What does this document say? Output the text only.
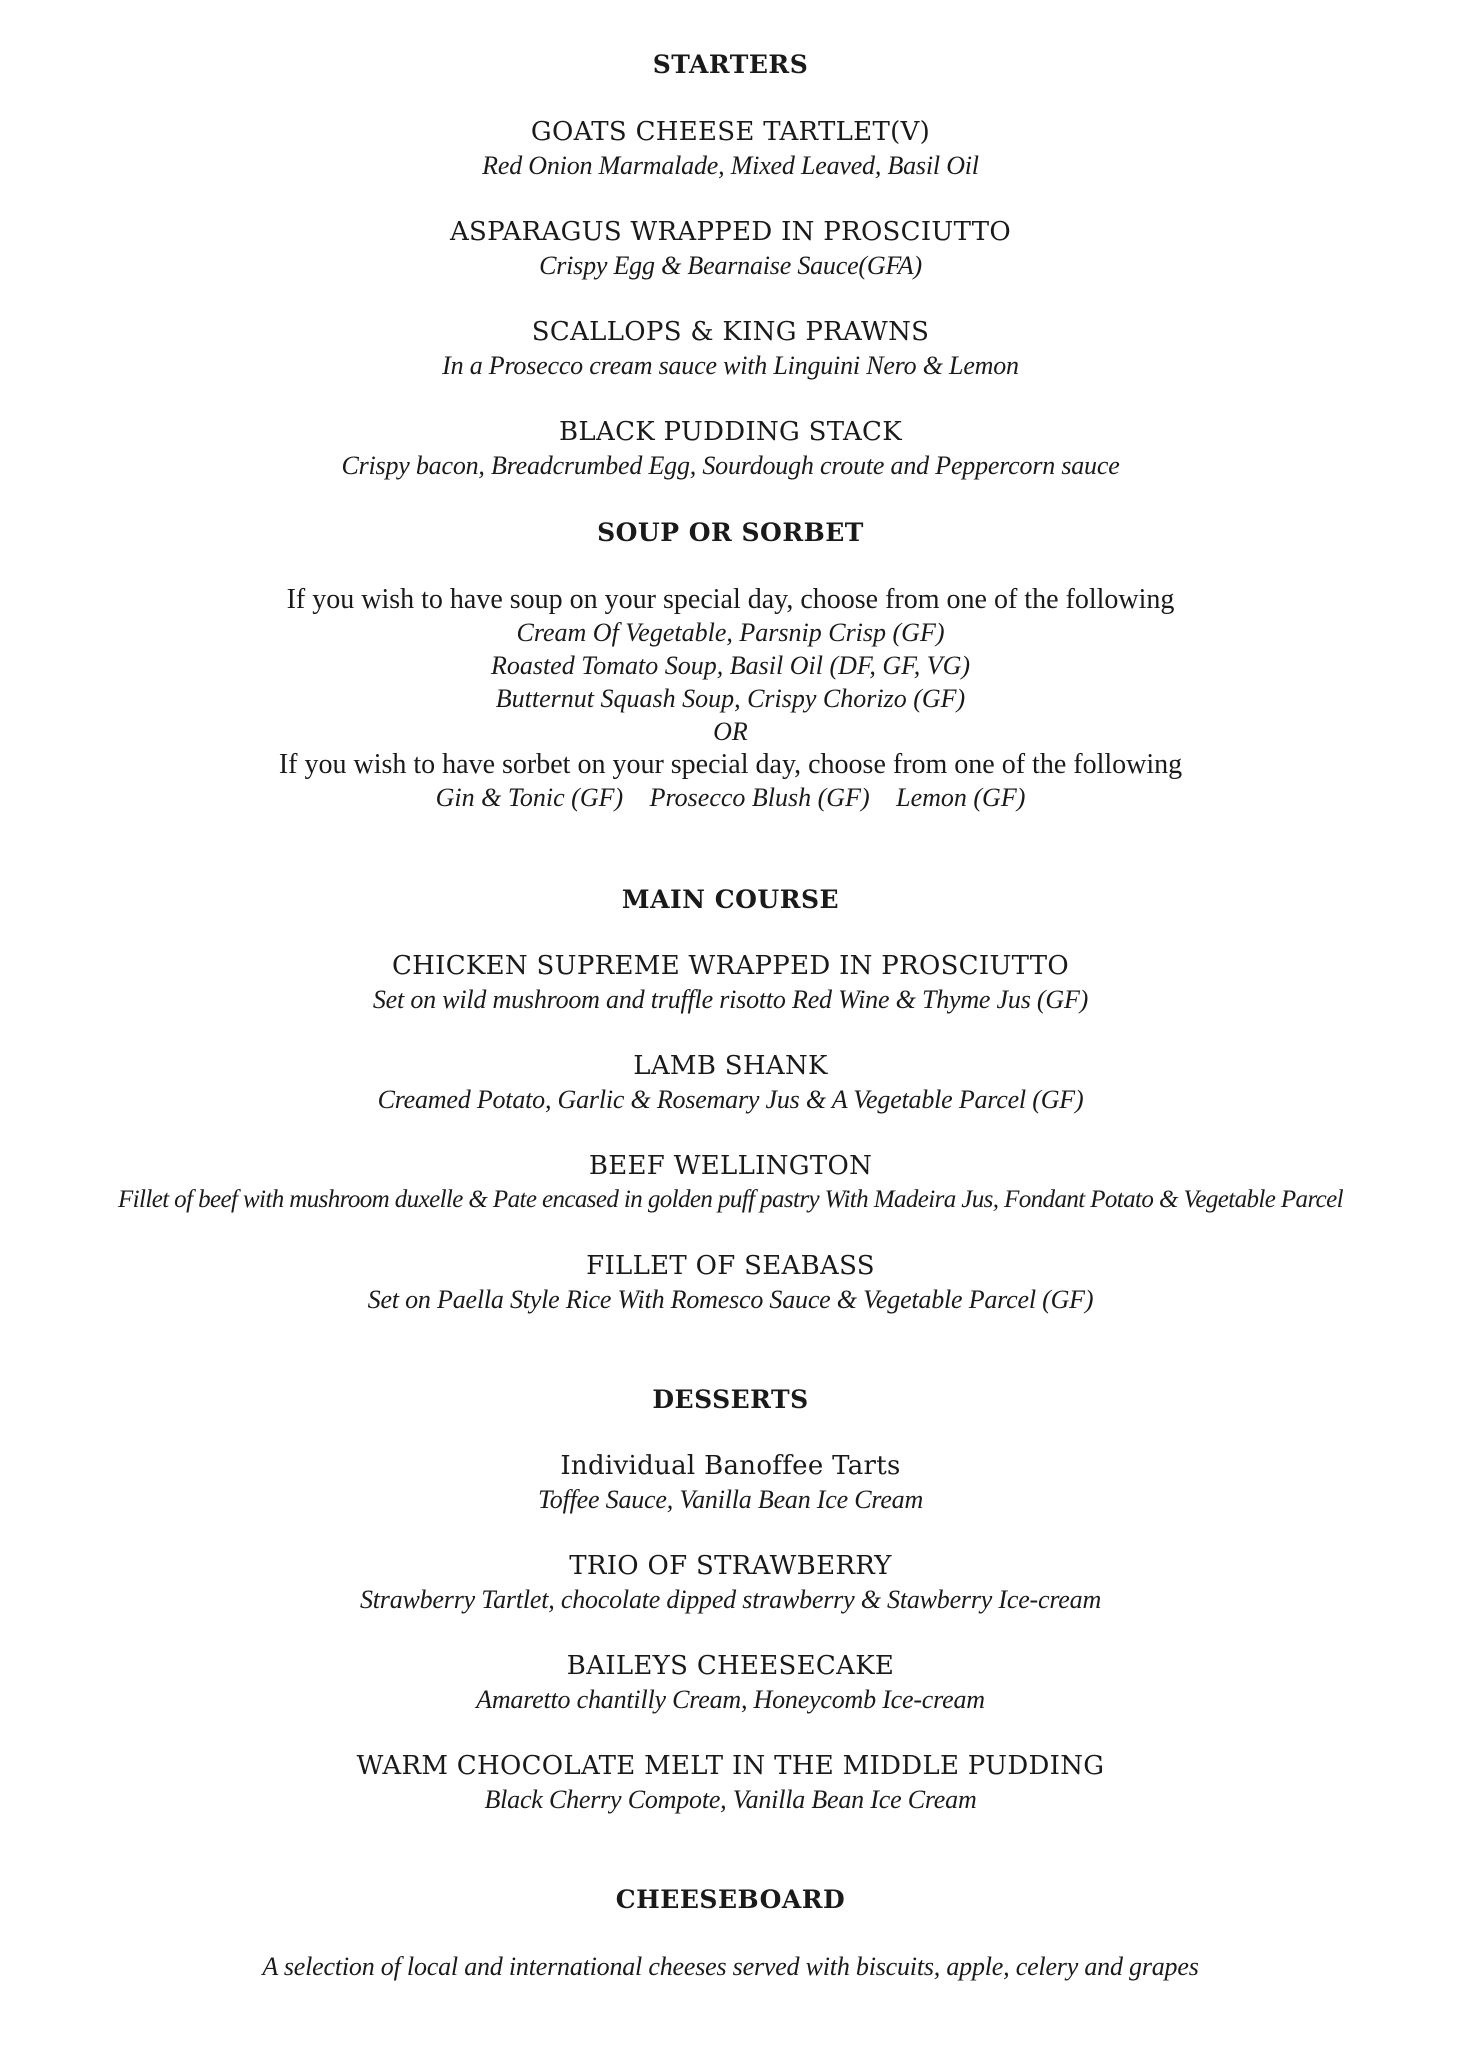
STARTERS
GOATS CHEESE TARTLET(V)
Red Onion Marmalade, Mixed Leaved, Basil Oil
ASPARAGUS WRAPPED IN PROSCIUTTO
Crispy Egg & Bearnaise Sauce(GFA)
SCALLOPS & KING PRAWNS
In a Prosecco cream sauce with Linguini Nero & Lemon
BLACK PUDDING STACK
Crispy bacon, Breadcrumbed Egg, Sourdough croute and Peppercorn sauce
SOUP OR SORBET
If you wish to have soup on your special day, choose from one of the following
Cream Of Vegetable, Parsnip Crisp (GF)
Roasted Tomato Soup, Basil Oil (DF, GF, VG)
Butternut Squash Soup, Crispy Chorizo (GF)
OR
If you wish to have sorbet on your special day, choose from one of the following
Gin & Tonic (GF) Prosecco Blush (GF) Lemon (GF)
MAIN COURSE
CHICKEN SUPREME WRAPPED IN PROSCIUTTO
Set on wild mushroom and truffle risotto Red Wine & Thyme Jus (GF)
LAMB SHANK
Creamed Potato, Garlic & Rosemary Jus & A Vegetable Parcel (GF)
BEEF WELLINGTON
Fillet of beef with mushroom duxelle & Pate encased in golden puff pastry With Madeira Jus, Fondant Potato & Vegetable Parcel
FILLET OF SEABASS
Set on Paella Style Rice With Romesco Sauce & Vegetable Parcel (GF)
DESSERTS
Individual Banoffee Tarts
Toffee Sauce, Vanilla Bean Ice Cream
TRIO OF STRAWBERRY
Strawberry Tartlet, chocolate dipped strawberry & Stawberry Ice-cream
BAILEYS CHEESECAKE
Amaretto chantilly Cream, Honeycomb Ice-cream
WARM CHOCOLATE MELT IN THE MIDDLE PUDDING
Black Cherry Compote, Vanilla Bean Ice Cream
CHEESEBOARD
A selection of local and international cheeses served with biscuits, apple, celery and grapes
